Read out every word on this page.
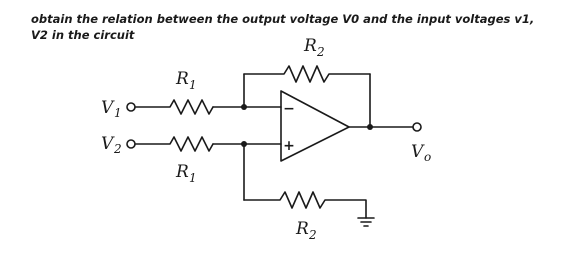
obtain the relation between the output voltage V0 and the input voltages v1, V2 in the circuit

−
+
R 2
R 1
V 1
V 2
R 1
R 2
V o
